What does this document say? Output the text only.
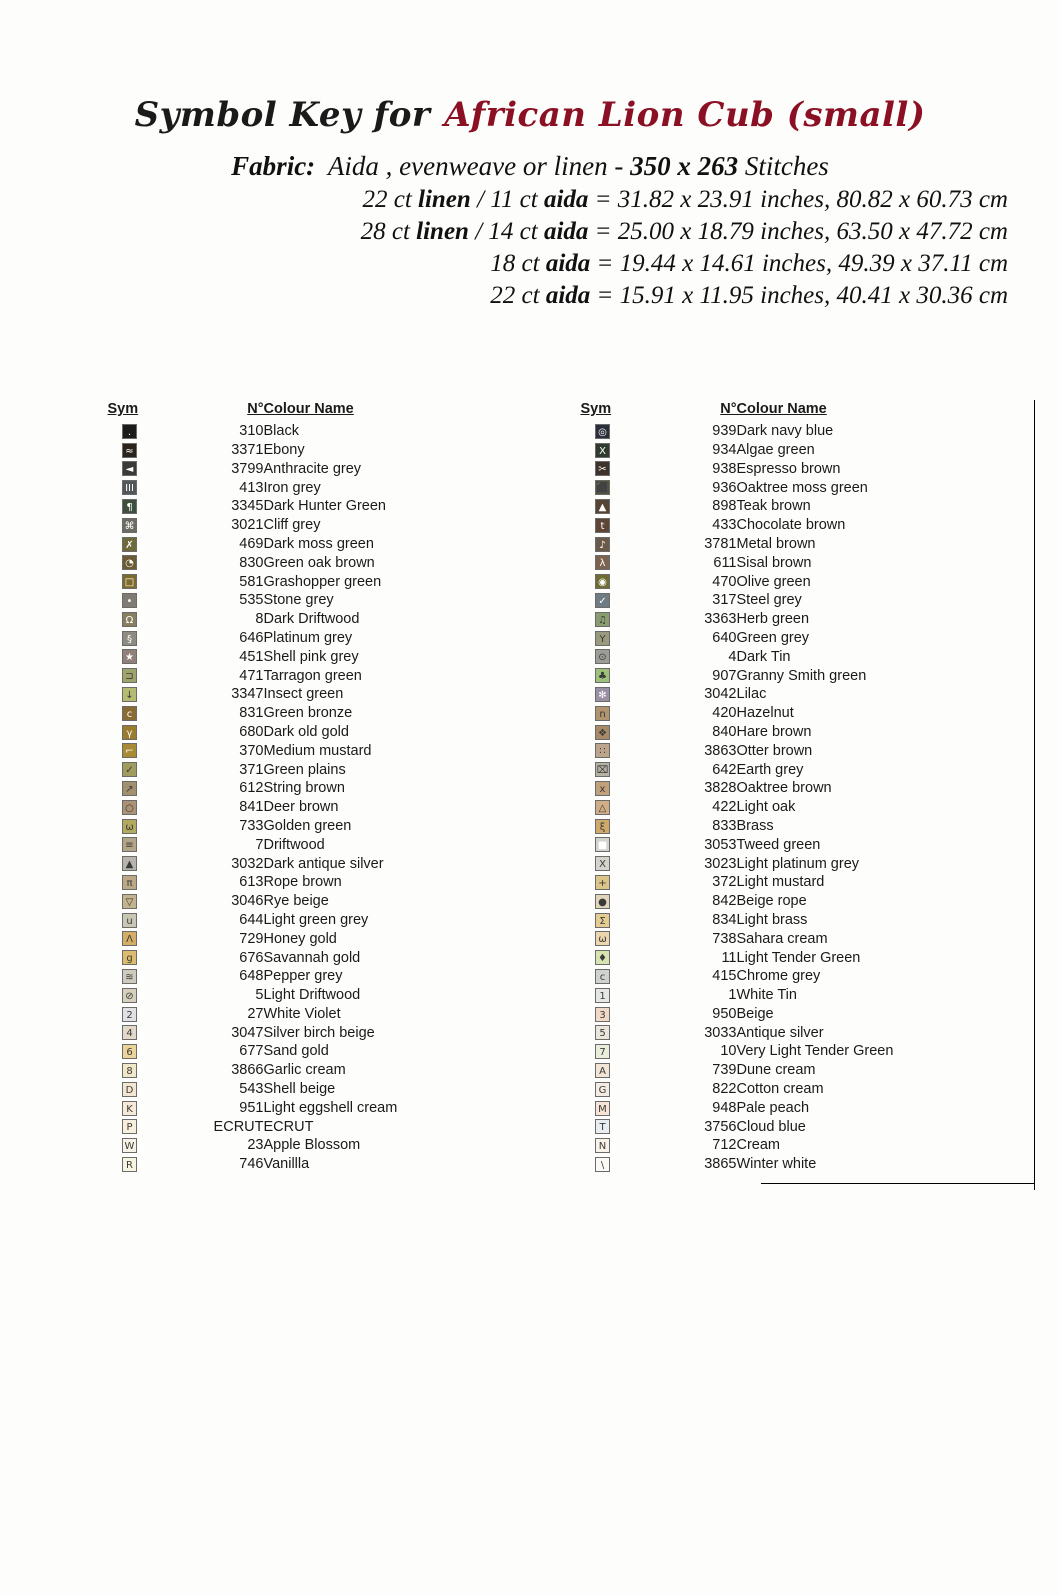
Symbol Key for African Lion Cub (small)
Fabric: Aida , evenweave or linen - 350 x 263 Stitches
22 ct linen / 11 ct aida = 31.82 x 23.91 inches, 80.82 x 60.73 cm
28 ct linen / 14 ct aida = 25.00 x 18.79 inches, 63.50 x 47.72 cm
18 ct aida = 19.44 x 14.61 inches, 49.39 x 37.11 cm
22 ct aida = 15.91 x 11.95 inches, 40.41 x 30.36 cm
Sym	N°	Colour Name
.	310	Black
≈	3371	Ebony
◄	3799	Anthracite grey
III	413	Iron grey
¶	3345	Dark Hunter Green
⌘	3021	Cliff grey
✗	469	Dark moss green
◔	830	Green oak brown
□	581	Grashopper green
•	535	Stone grey
Ω	8	Dark Driftwood
§	646	Platinum grey
★	451	Shell pink grey
⊐	471	Tarragon green
↓	3347	Insect green
c	831	Green bronze
γ	680	Dark old gold
⌐	370	Medium mustard
✓	371	Green plains
↗	612	String brown
○	841	Deer brown
ω	733	Golden green
≡	7	Driftwood
▲	3032	Dark antique silver
π	613	Rope brown
▽	3046	Rye beige
u	644	Light green grey
Λ	729	Honey gold
g	676	Savannah gold
≋	648	Pepper grey
⊘	5	Light Driftwood
2	27	White Violet
4	3047	Silver birch beige
6	677	Sand gold
8	3866	Garlic cream
D	543	Shell beige
K	951	Light eggshell cream
P	ECRUT	ECRUT
W	23	Apple Blossom
R	746	Vanillla
Sym	N°	Colour Name
◎	939	Dark navy blue
X	934	Algae green
✂	938	Espresso brown
⬛	936	Oaktree moss green
▲	898	Teak brown
t	433	Chocolate brown
♪	3781	Metal brown
λ	611	Sisal brown
◉	470	Olive green
✓	317	Steel grey
♫	3363	Herb green
Y	640	Green grey
⊙	4	Dark Tin
♣	907	Granny Smith green
✻	3042	Lilac
n	420	Hazelnut
❖	840	Hare brown
∷	3863	Otter brown
⌧	642	Earth grey
x	3828	Oaktree brown
△	422	Light oak
ξ	833	Brass
■	3053	Tweed green
X	3023	Light platinum grey
+	372	Light mustard
●	842	Beige rope
Σ	834	Light brass
ω	738	Sahara cream
♦	11	Light Tender Green
c	415	Chrome grey
1	1	White Tin
3	950	Beige
5	3033	Antique silver
7	10	Very Light Tender Green
A	739	Dune cream
G	822	Cotton cream
M	948	Pale peach
T	3756	Cloud blue
N	712	Cream
\	3865	Winter white
